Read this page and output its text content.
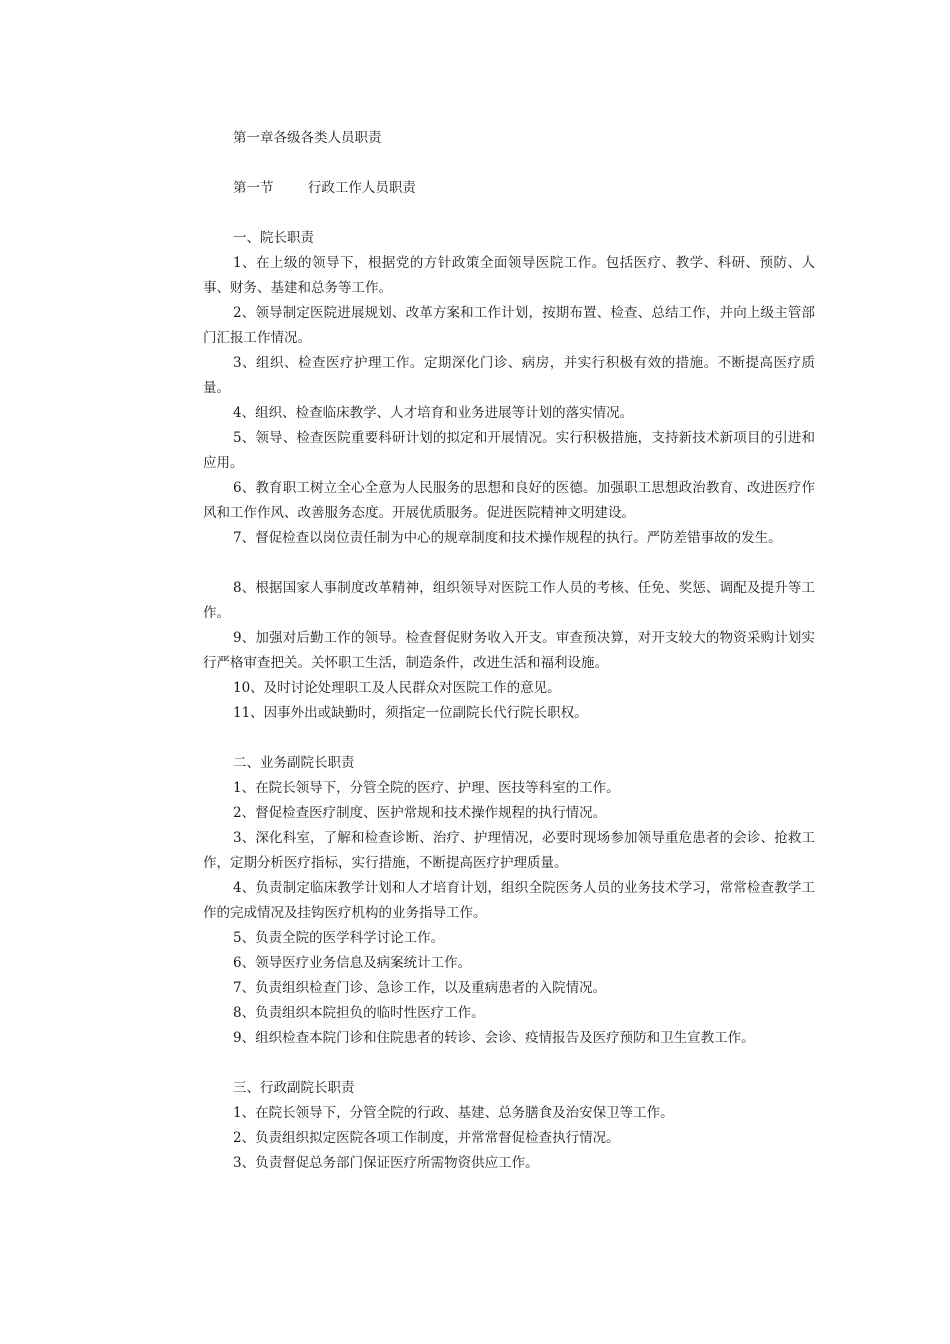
第一章各级各类人员职责
第一节        行政工作人员职责
一、院长职责
1、在上级的领导下，根据党的方针政策全面领导医院工作。包括医疗、教学、科研、预防、人事、财务、基建和总务等工作。
2、领导制定医院进展规划、改革方案和工作计划，按期布置、检查、总结工作，并向上级主管部门汇报工作情况。
3、组织、检查医疗护理工作。定期深化门诊、病房，并实行积极有效的措施。不断提高医疗质量。
4、组织、检查临床教学、人才培育和业务进展等计划的落实情况。
5、领导、检查医院重要科研计划的拟定和开展情况。实行积极措施，支持新技术新项目的引进和应用。
6、教育职工树立全心全意为人民服务的思想和良好的医德。加强职工思想政治教育、改进医疗作风和工作作风、改善服务态度。开展优质服务。促进医院精神文明建设。
7、督促检查以岗位责任制为中心的规章制度和技术操作规程的执行。严防差错事故的发生。
8、根据国家人事制度改革精神，组织领导对医院工作人员的考核、任免、奖惩、调配及提升等工作。
9、加强对后勤工作的领导。检查督促财务收入开支。审查预决算，对开支较大的物资采购计划实行严格审查把关。关怀职工生活，制造条件，改进生活和福利设施。
10、及时讨论处理职工及人民群众对医院工作的意见。
11、因事外出或缺勤时，须指定一位副院长代行院长职权。
二、业务副院长职责
1、在院长领导下，分管全院的医疗、护理、医技等科室的工作。
2、督促检查医疗制度、医护常规和技术操作规程的执行情况。
3、深化科室，了解和检查诊断、治疗、护理情况，必要时现场参加领导重危患者的会诊、抢救工作，定期分析医疗指标，实行措施，不断提高医疗护理质量。
4、负责制定临床教学计划和人才培育计划，组织全院医务人员的业务技术学习，常常检查教学工作的完成情况及挂钩医疗机构的业务指导工作。
5、负责全院的医学科学讨论工作。
6、领导医疗业务信息及病案统计工作。
7、负责组织检查门诊、急诊工作，以及重病患者的入院情况。
8、负责组织本院担负的临时性医疗工作。
9、组织检查本院门诊和住院患者的转诊、会诊、疫情报告及医疗预防和卫生宣教工作。
三、行政副院长职责
1、在院长领导下，分管全院的行政、基建、总务膳食及治安保卫等工作。
2、负责组织拟定医院各项工作制度，并常常督促检查执行情况。
3、负责督促总务部门保证医疗所需物资供应工作。
